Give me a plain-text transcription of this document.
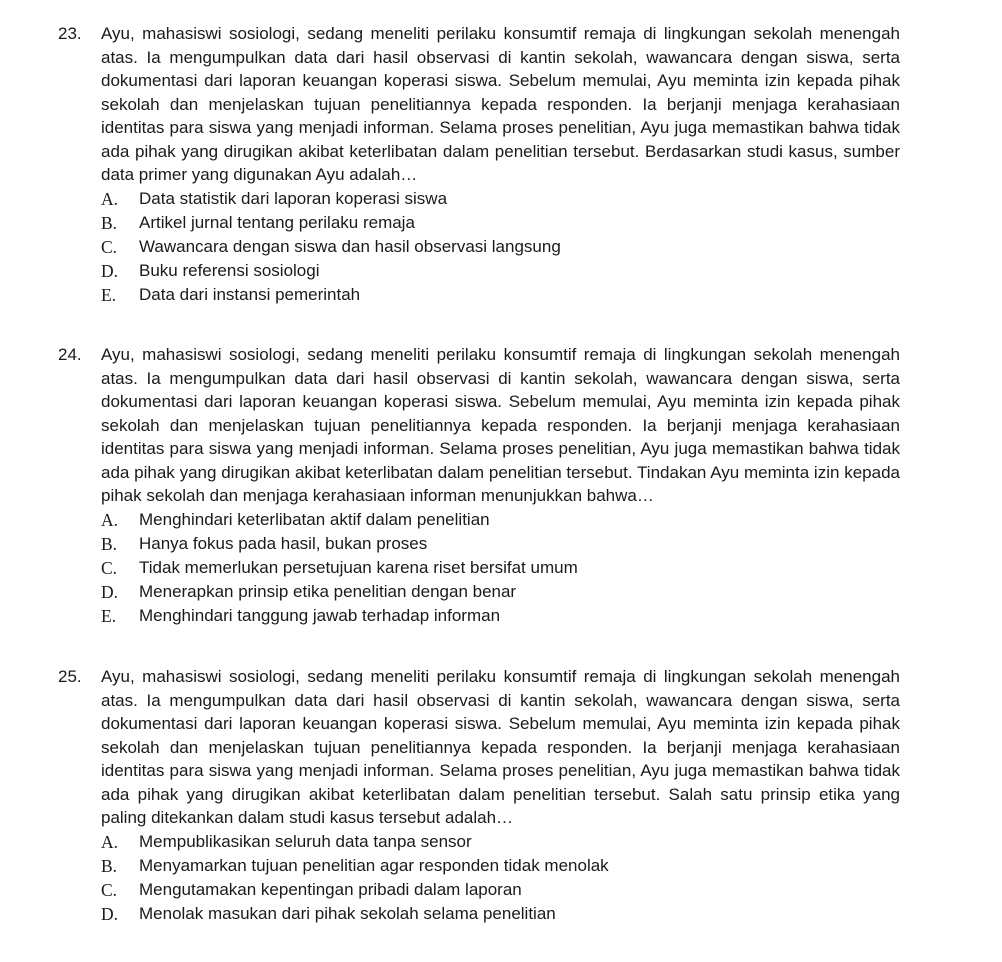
23. Ayu, mahasiswi sosiologi, sedang meneliti perilaku konsumtif remaja di lingkungan sekolah menengah atas. Ia mengumpulkan data dari hasil observasi di kantin sekolah, wawancara dengan siswa, serta dokumentasi dari laporan keuangan koperasi siswa. Sebelum memulai, Ayu meminta izin kepada pihak sekolah dan menjelaskan tujuan penelitiannya kepada responden. Ia berjanji menjaga kerahasiaan identitas para siswa yang menjadi informan. Selama proses penelitian, Ayu juga memastikan bahwa tidak ada pihak yang dirugikan akibat keterlibatan dalam penelitian tersebut. Berdasarkan studi kasus, sumber data primer yang digunakan Ayu adalah…
A. Data statistik dari laporan koperasi siswa
B. Artikel jurnal tentang perilaku remaja
C. Wawancara dengan siswa dan hasil observasi langsung
D. Buku referensi sosiologi
E. Data dari instansi pemerintah
24. Ayu, mahasiswi sosiologi, sedang meneliti perilaku konsumtif remaja di lingkungan sekolah menengah atas. Ia mengumpulkan data dari hasil observasi di kantin sekolah, wawancara dengan siswa, serta dokumentasi dari laporan keuangan koperasi siswa. Sebelum memulai, Ayu meminta izin kepada pihak sekolah dan menjelaskan tujuan penelitiannya kepada responden. Ia berjanji menjaga kerahasiaan identitas para siswa yang menjadi informan. Selama proses penelitian, Ayu juga memastikan bahwa tidak ada pihak yang dirugikan akibat keterlibatan dalam penelitian tersebut. Tindakan Ayu meminta izin kepada pihak sekolah dan menjaga kerahasiaan informan menunjukkan bahwa…
A. Menghindari keterlibatan aktif dalam penelitian
B. Hanya fokus pada hasil, bukan proses
C. Tidak memerlukan persetujuan karena riset bersifat umum
D. Menerapkan prinsip etika penelitian dengan benar
E. Menghindari tanggung jawab terhadap informan
25. Ayu, mahasiswi sosiologi, sedang meneliti perilaku konsumtif remaja di lingkungan sekolah menengah atas. Ia mengumpulkan data dari hasil observasi di kantin sekolah, wawancara dengan siswa, serta dokumentasi dari laporan keuangan koperasi siswa. Sebelum memulai, Ayu meminta izin kepada pihak sekolah dan menjelaskan tujuan penelitiannya kepada responden. Ia berjanji menjaga kerahasiaan identitas para siswa yang menjadi informan. Selama proses penelitian, Ayu juga memastikan bahwa tidak ada pihak yang dirugikan akibat keterlibatan dalam penelitian tersebut. Salah satu prinsip etika yang paling ditekankan dalam studi kasus tersebut adalah…
A. Mempublikasikan seluruh data tanpa sensor
B. Menyamarkan tujuan penelitian agar responden tidak menolak
C. Mengutamakan kepentingan pribadi dalam laporan
D. Menolak masukan dari pihak sekolah selama penelitian
